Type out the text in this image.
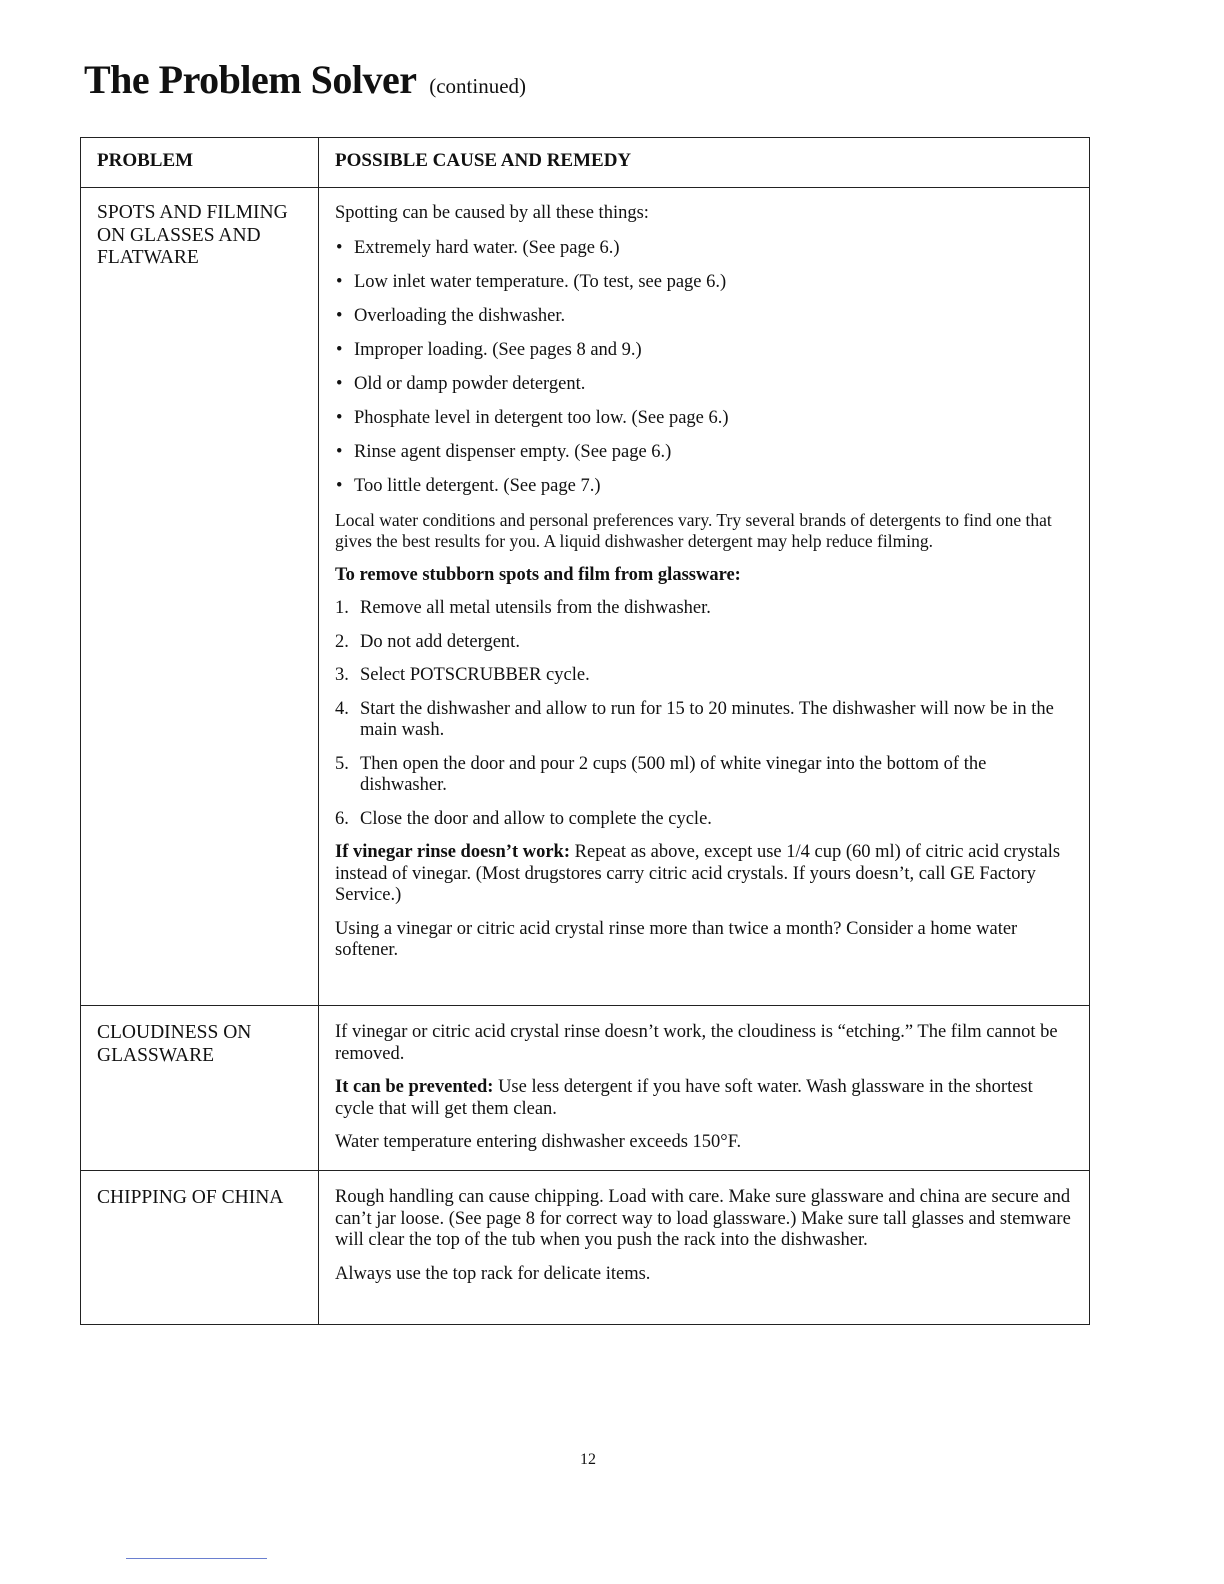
The Problem Solver (continued)
PROBLEM	POSSIBLE CAUSE AND REMEDY
SPOTS AND FILMING
ON GLASSES AND
FLATWARE

Spotting can be caused by all these things:

• Extremely hard water. (See page 6.)
• Low inlet water temperature. (To test, see page 6.)
• Overloading the dishwasher.
• Improper loading. (See pages 8 and 9.)
• Old or damp powder detergent.
• Phosphate level in detergent too low. (See page 6.)
• Rinse agent dispenser empty. (See page 6.)
• Too little detergent. (See page 7.)

Local water conditions and personal preferences vary. Try several brands of detergents to find one that gives the best results for you. A liquid dishwasher detergent may help reduce filming.

To remove stubborn spots and film from glassware:

1. Remove all metal utensils from the dishwasher.
2. Do not add detergent.
3. Select POTSCRUBBER cycle.
4. Start the dishwasher and allow to run for 15 to 20 minutes. The dishwasher will now be in the main wash.
5. Then open the door and pour 2 cups (500 ml) of white vinegar into the bottom of the dishwasher.
6. Close the door and allow to complete the cycle.

If vinegar rinse doesn’t work: Repeat as above, except use 1/4 cup (60 ml) of citric acid crystals instead of vinegar. (Most drugstores carry citric acid crystals. If yours doesn’t, call GE Factory Service.)

Using a vinegar or citric acid crystal rinse more than twice a month? Consider a home water softener.

CLOUDINESS ON
GLASSWARE

If vinegar or citric acid crystal rinse doesn’t work, the cloudiness is “etching.” The film cannot be removed.

It can be prevented: Use less detergent if you have soft water. Wash glassware in the shortest cycle that will get them clean.

Water temperature entering dishwasher exceeds 150°F.

CHIPPING OF CHINA	Rough handling can cause chipping. Load with care. Make sure glassware and china are secure and can’t jar loose. (See page 8 for correct way to load glassware.) Make sure tall glasses and stemware will clear the top of the tub when you push the rack into the dishwasher.

Always use the top rack for delicate items.

12
